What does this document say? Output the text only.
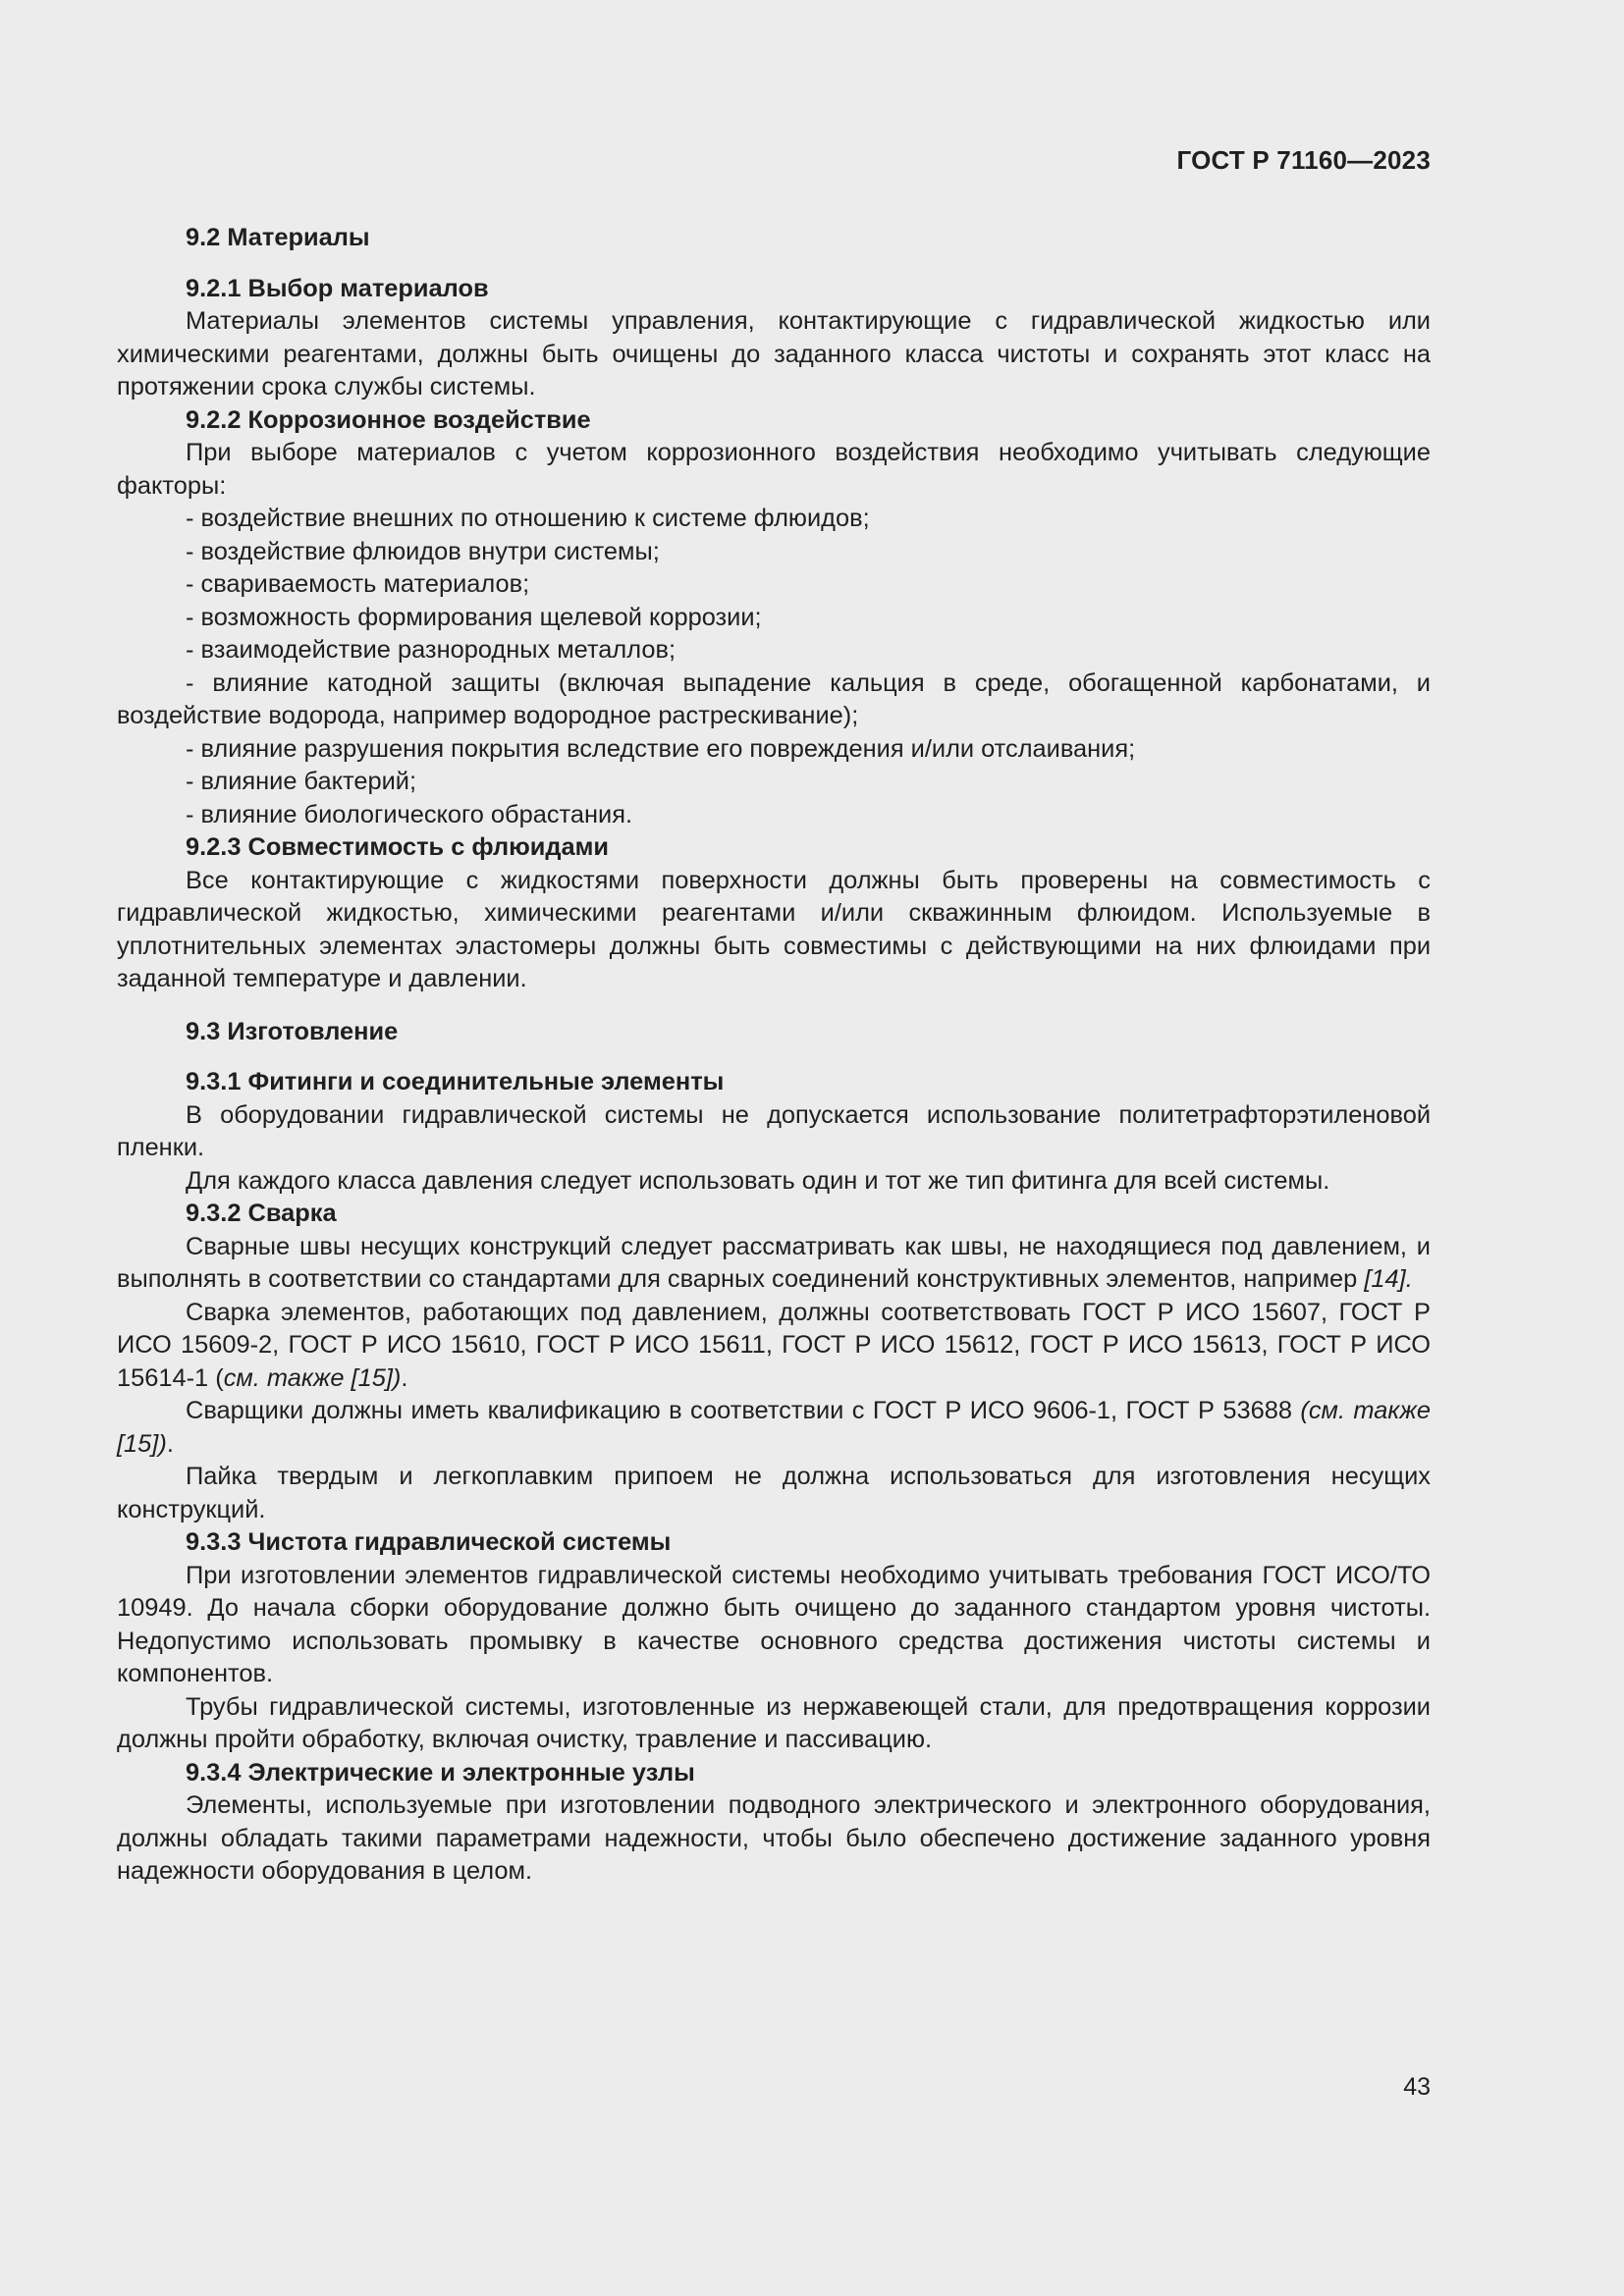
ГОСТ Р 71160—2023

9.2 Материалы

9.2.1 Выбор материалов

Материалы элементов системы управления, контактирующие с гидравлической жидкостью или химическими реагентами, должны быть очищены до заданного класса чистоты и сохранять этот класс на протяжении срока службы системы.

9.2.2 Коррозионное воздействие

При выборе материалов с учетом коррозионного воздействия необходимо учитывать следующие факторы:

- воздействие внешних по отношению к системе флюидов;

- воздействие флюидов внутри системы;

- свариваемость материалов;

- возможность формирования щелевой коррозии;

- взаимодействие разнородных металлов;

- влияние катодной защиты (включая выпадение кальция в среде, обогащенной карбонатами, и воздействие водорода, например водородное растрескивание);

- влияние разрушения покрытия вследствие его повреждения и/или отслаивания;

- влияние бактерий;

- влияние биологического обрастания.

9.2.3 Совместимость с флюидами

Все контактирующие с жидкостями поверхности должны быть проверены на совместимость с гидравлической жидкостью, химическими реагентами и/или скважинным флюидом. Используемые в уплотнительных элементах эластомеры должны быть совместимы с действующими на них флюидами при заданной температуре и давлении.

9.3 Изготовление

9.3.1 Фитинги и соединительные элементы

В оборудовании гидравлической системы не допускается использование политетрафторэтиленовой пленки.

Для каждого класса давления следует использовать один и тот же тип фитинга для всей системы.

9.3.2 Сварка

Сварные швы несущих конструкций следует рассматривать как швы, не находящиеся под давлением, и выполнять в соответствии со стандартами для сварных соединений конструктивных элементов, например [14].

Сварка элементов, работающих под давлением, должны соответствовать ГОСТ Р ИСО 15607, ГОСТ Р ИСО 15609-2, ГОСТ Р ИСО 15610, ГОСТ Р ИСО 15611, ГОСТ Р ИСО 15612, ГОСТ Р ИСО 15613, ГОСТ Р ИСО 15614-1 (см. также [15]).

Сварщики должны иметь квалификацию в соответствии с ГОСТ Р ИСО 9606-1, ГОСТ Р 53688 (см. также [15]).

Пайка твердым и легкоплавким припоем не должна использоваться для изготовления несущих конструкций.

9.3.3 Чистота гидравлической системы

При изготовлении элементов гидравлической системы необходимо учитывать требования ГОСТ ИСО/ТО 10949. До начала сборки оборудование должно быть очищено до заданного стандартом уровня чистоты. Недопустимо использовать промывку в качестве основного средства достижения чистоты системы и компонентов.

Трубы гидравлической системы, изготовленные из нержавеющей стали, для предотвращения коррозии должны пройти обработку, включая очистку, травление и пассивацию.

9.3.4 Электрические и электронные узлы

Элементы, используемые при изготовлении подводного электрического и электронного оборудования, должны обладать такими параметрами надежности, чтобы было обеспечено достижение заданного уровня надежности оборудования в целом.

43
